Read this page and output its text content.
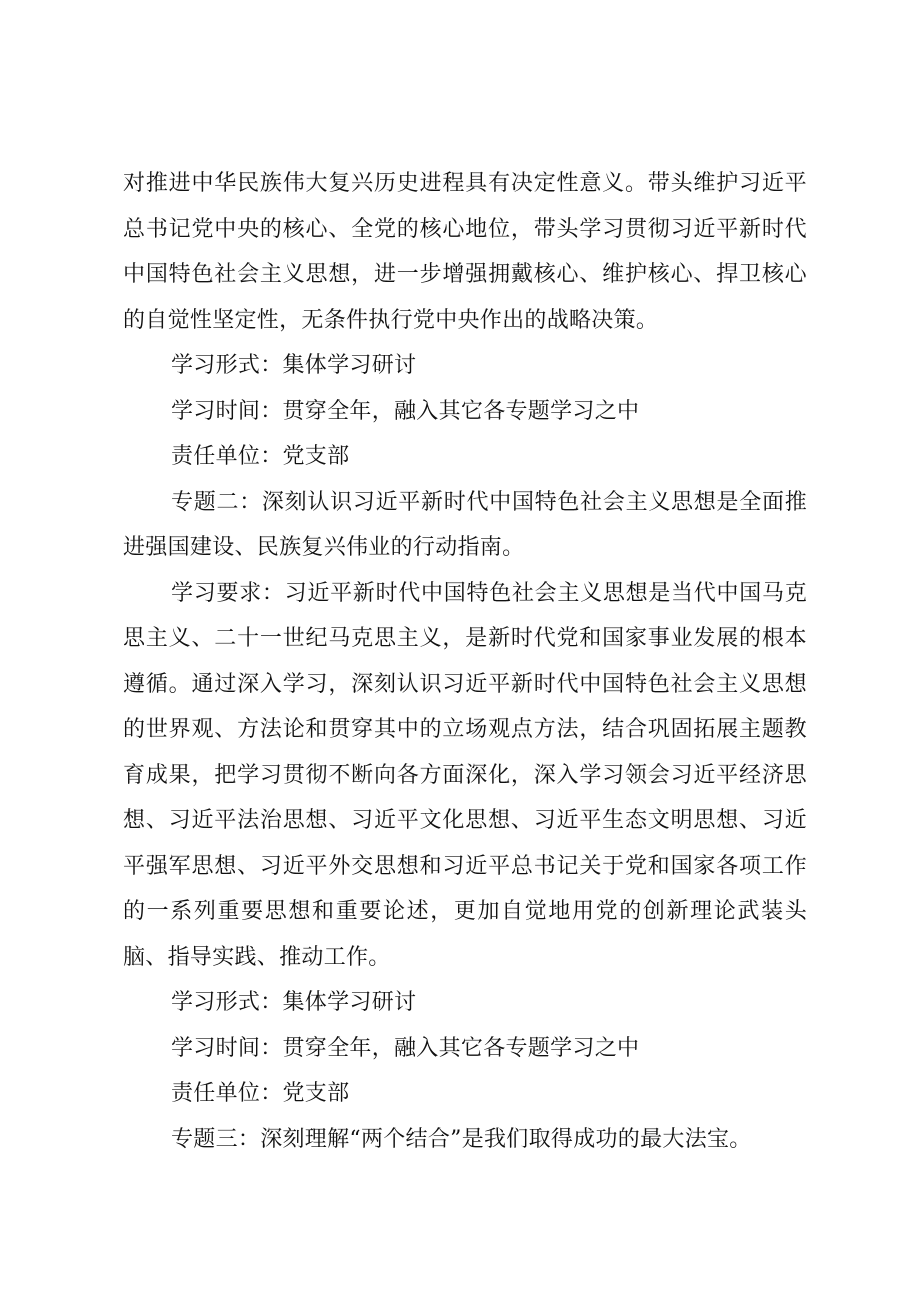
对推进中华民族伟大复兴历史进程具有决定性意义。带头维护习近平总书记党中央的核心、全党的核心地位，带头学习贯彻习近平新时代中国特色社会主义思想，进一步增强拥戴核心、维护核心、捍卫核心的自觉性坚定性，无条件执行党中央作出的战略决策。

学习形式：集体学习研讨

学习时间：贯穿全年，融入其它各专题学习之中

责任单位：党支部

专题二：深刻认识习近平新时代中国特色社会主义思想是全面推进强国建设、民族复兴伟业的行动指南。

学习要求：习近平新时代中国特色社会主义思想是当代中国马克思主义、二十一世纪马克思主义，是新时代党和国家事业发展的根本遵循。通过深入学习，深刻认识习近平新时代中国特色社会主义思想的世界观、方法论和贯穿其中的立场观点方法，结合巩固拓展主题教育成果，把学习贯彻不断向各方面深化，深入学习领会习近平经济思想、习近平法治思想、习近平文化思想、习近平生态文明思想、习近平强军思想、习近平外交思想和习近平总书记关于党和国家各项工作的一系列重要思想和重要论述，更加自觉地用党的创新理论武装头脑、指导实践、推动工作。

学习形式：集体学习研讨

学习时间：贯穿全年，融入其它各专题学习之中

责任单位：党支部

专题三：深刻理解“两个结合”是我们取得成功的最大法宝。
